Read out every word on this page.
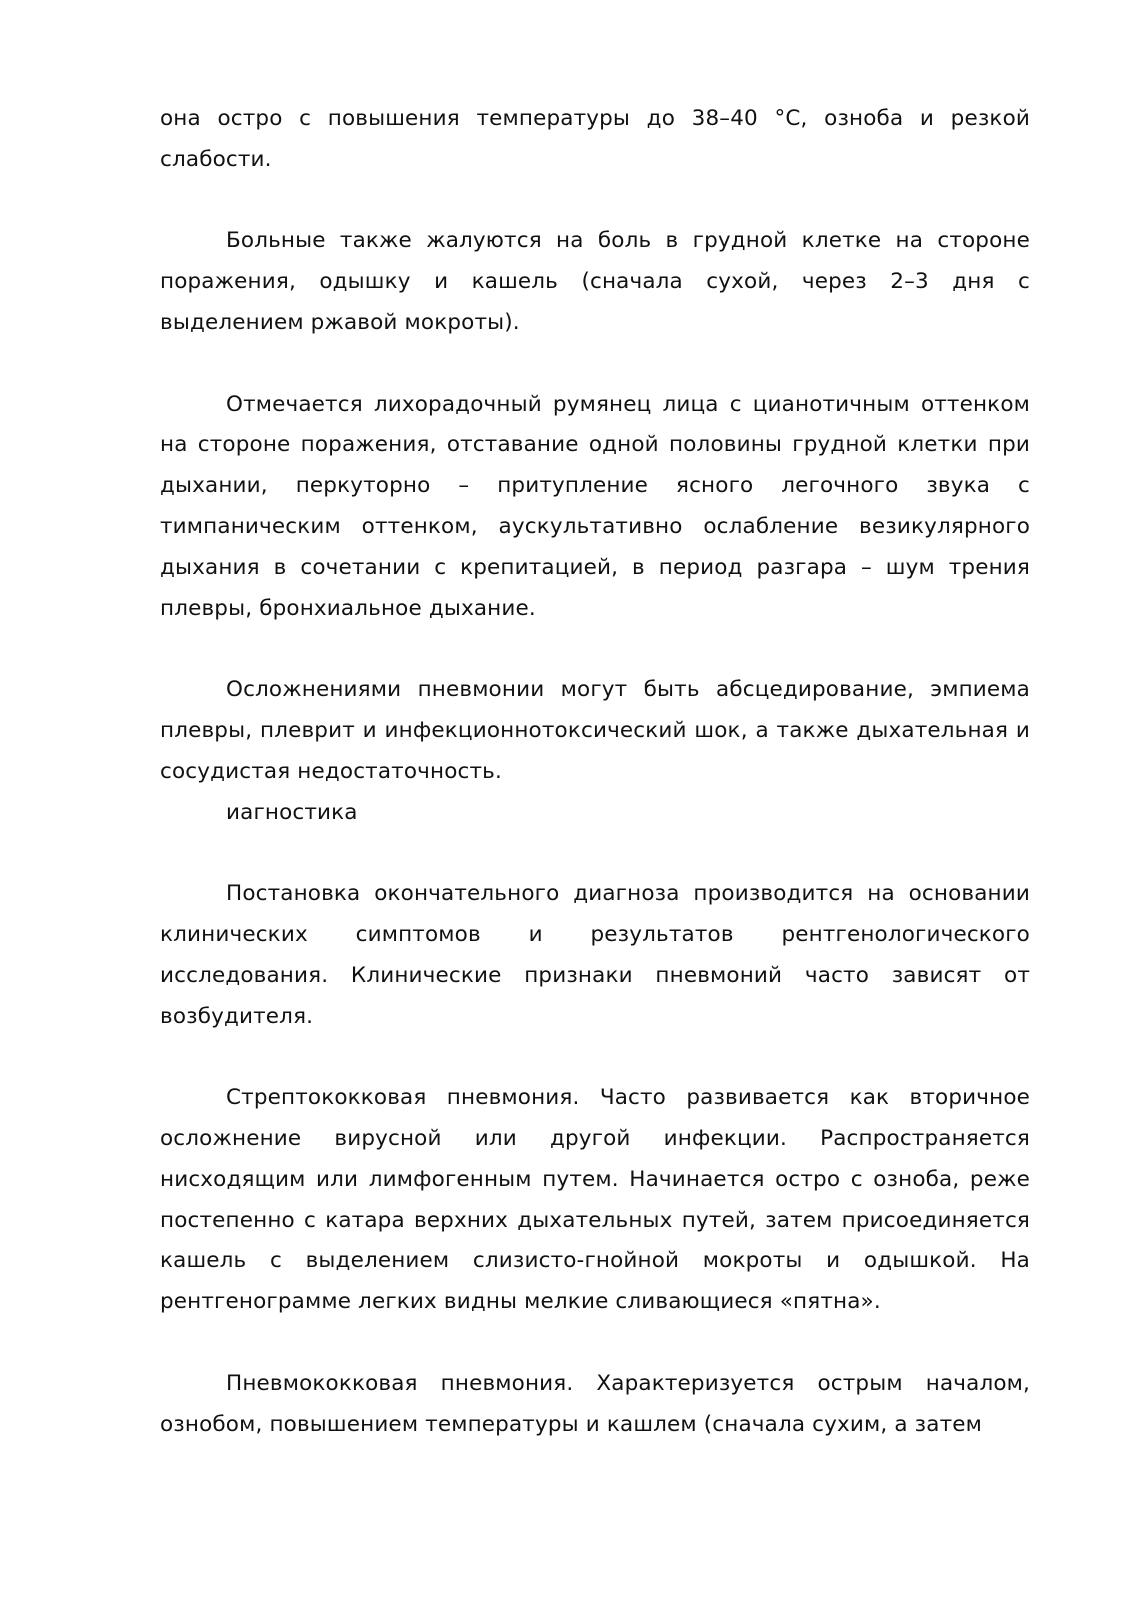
она остро с повышения температуры до 38–40 °С, озноба и резкой слабости.

Больные также жалуются на боль в грудной клетке на стороне поражения, одышку и кашель (сначала сухой, через 2–3 дня с выделением ржавой мокроты).

Отмечается лихорадочный румянец лица с цианотичным оттенком на стороне поражения, отставание одной половины грудной клетки при дыхании, перкуторно – притупление ясного легочного звука с тимпаническим оттенком, аускультативно ослабление везикулярного дыхания в сочетании с крепитацией, в период разгара – шум трения плевры, бронхиальное дыхание.

Осложнениями пневмонии могут быть абсцедирование, эмпиема плевры, плеврит и инфекционнотоксический шок, а также дыхательная и сосудистая недостаточность.

иагностика

Постановка окончательного диагноза производится на основании клинических симптомов и результатов рентгенологического исследования. Клинические признаки пневмоний часто зависят от возбудителя.

Стрептококковая пневмония. Часто развивается как вторичное осложнение вирусной или другой инфекции. Распространяется нисходящим или лимфогенным путем. Начинается остро с озноба, реже постепенно с катара верхних дыхательных путей, затем присоединяется кашель с выделением слизисто-гнойной мокроты и одышкой. На рентгенограмме легких видны мелкие сливающиеся «пятна».

Пневмококковая пневмония. Характеризуется острым началом, ознобом, повышением температуры и кашлем (сначала сухим, а затем
